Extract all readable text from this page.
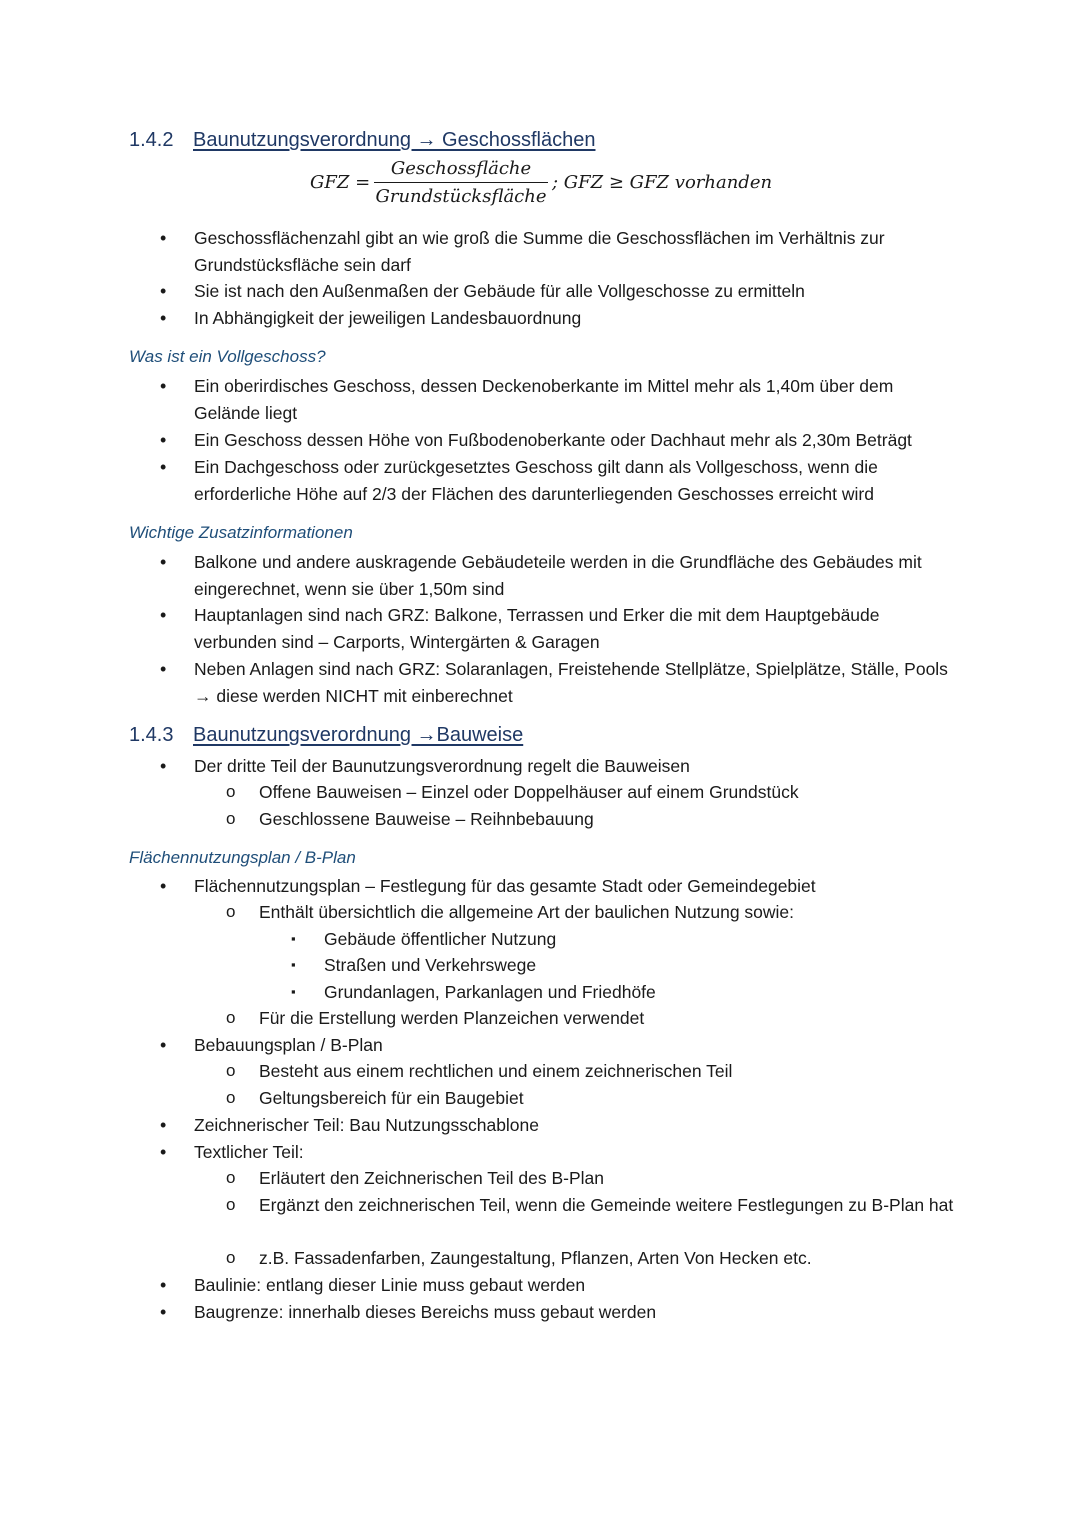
1.4.2 Baunutzungsverordnung → Geschossflächen
GFZ =
Geschossfläche
Grundstücksfläche
; GFZ ≥ GFZ vorhanden
• Geschossflächenzahl gibt an wie groß die Summe die Geschossflächen im Verhältnis zur Grundstücksfläche sein darf
• Sie ist nach den Außenmaßen der Gebäude für alle Vollgeschosse zu ermitteln
• In Abhängigkeit der jeweiligen Landesbauordnung
Was ist ein Vollgeschoss?
• Ein oberirdisches Geschoss, dessen Deckenoberkante im Mittel mehr als 1,40m über dem Gelände liegt
• Ein Geschoss dessen Höhe von Fußbodenoberkante oder Dachhaut mehr als 2,30m Beträgt
• Ein Dachgeschoss oder zurückgesetztes Geschoss gilt dann als Vollgeschoss, wenn die erforderliche Höhe auf 2/3 der Flächen des darunterliegenden Geschosses erreicht wird
Wichtige Zusatzinformationen
• Balkone und andere auskragende Gebäudeteile werden in die Grundfläche des Gebäudes mit eingerechnet, wenn sie über 1,50m sind
• Hauptanlagen sind nach GRZ: Balkone, Terrassen und Erker die mit dem Hauptgebäude verbunden sind – Carports, Wintergärten & Garagen
• Neben Anlagen sind nach GRZ: Solaranlagen, Freistehende Stellplätze, Spielplätze, Ställe, Pools → diese werden NICHT mit einberechnet
1.4.3 Baunutzungsverordnung →Bauweise
• Der dritte Teil der Baunutzungsverordnung regelt die Bauweisen
o Offene Bauweisen – Einzel oder Doppelhäuser auf einem Grundstück
o Geschlossene Bauweise – Reihnbebauung
Flächennutzungsplan / B-Plan
• Flächennutzungsplan – Festlegung für das gesamte Stadt oder Gemeindegebiet
o Enthält übersichtlich die allgemeine Art der baulichen Nutzung sowie:
▪ Gebäude öffentlicher Nutzung
▪ Straßen und Verkehrswege
▪ Grundanlagen, Parkanlagen und Friedhöfe
o Für die Erstellung werden Planzeichen verwendet
• Bebauungsplan / B-Plan
o Besteht aus einem rechtlichen und einem zeichnerischen Teil
o Geltungsbereich für ein Baugebiet
• Zeichnerischer Teil: Bau Nutzungsschablone
• Textlicher Teil:
o Erläutert den Zeichnerischen Teil des B-Plan
o Ergänzt den zeichnerischen Teil, wenn die Gemeinde weitere Festlegungen zu B-Plan hat
o z.B. Fassadenfarben, Zaungestaltung, Pflanzen, Arten Von Hecken etc.
• Baulinie: entlang dieser Linie muss gebaut werden
• Baugrenze: innerhalb dieses Bereichs muss gebaut werden
